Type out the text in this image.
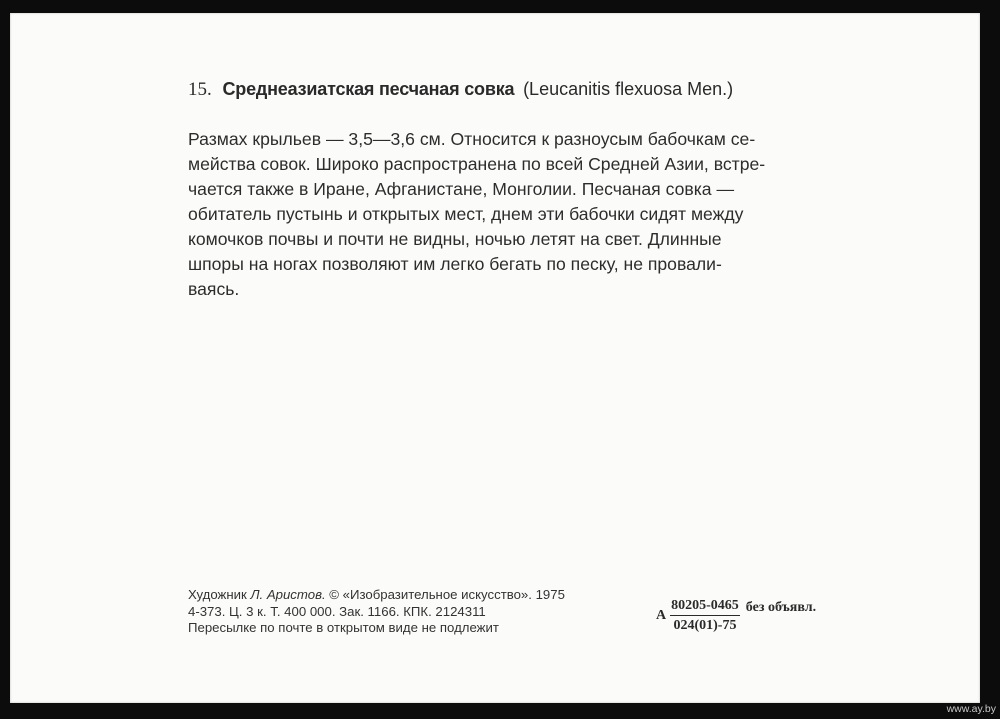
15. Среднеазиатская песчаная совка (Leucanitis flexuosa Men.)
Размах крыльев — 3,5—3,6 см. Относится к разноусым бабочкам се-
мейства совок. Широко распространена по всей Средней Азии, встре-
чается также в Иране, Афганистане, Монголии. Песчаная совка —
обитатель пустынь и открытых мест, днем эти бабочки сидят между
комочков почвы и почти не видны, ночью летят на свет. Длинные
шпоры на ногах позволяют им легко бегать по песку, не провали-
ваясь.
Художник Л. Аристов. © «Изобразительное искусство». 1975
4-373. Ц. 3 к. Т. 400 000. Зак. 1166. КПК. 2124311
Пересылке по почте в открытом виде не подлежит
А $\frac{80205-0465}{024(01)-75}$ без объявл.
www.ay.by
